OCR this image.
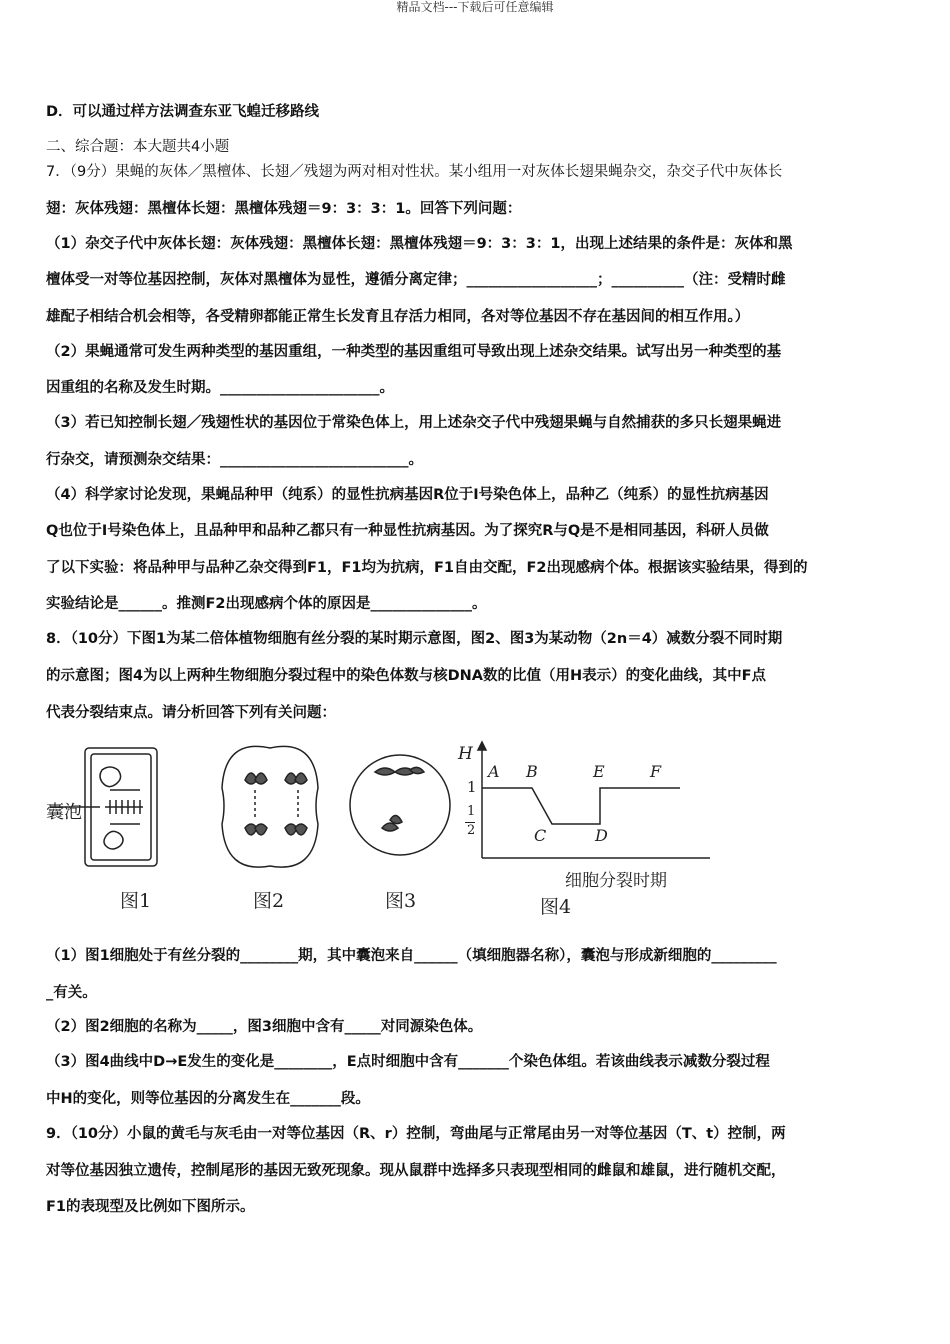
精品文档---下载后可任意编辑
D．可以通过样方法调查东亚飞蝗迁移路线
二、综合题：本大题共4小题
7．（9分）果蝇的灰体／黑檀体、长翅／残翅为两对相对性状。某小组用一对灰体长翅果蝇杂交，杂交子代中灰体长
翅：灰体残翅：黑檀体长翅：黑檀体残翅＝9：3：3：1。回答下列问题：
（1）杂交子代中灰体长翅：灰体残翅：黑檀体长翅：黑檀体残翅＝9：3：3：1，出现上述结果的条件是：灰体和黑
檀体受一对等位基因控制，灰体对黑檀体为显性，遵循分离定律；__________________；__________（注：受精时雌
雄配子相结合机会相等，各受精卵都能正常生长发育且存活力相同，各对等位基因不存在基因间的相互作用。）
（2）果蝇通常可发生两种类型的基因重组，一种类型的基因重组可导致出现上述杂交结果。试写出另一种类型的基
因重组的名称及发生时期。______________________。
（3）若已知控制长翅／残翅性状的基因位于常染色体上，用上述杂交子代中残翅果蝇与自然捕获的多只长翅果蝇进
行杂交，请预测杂交结果：__________________________。
（4）科学家讨论发现，果蝇品种甲（纯系）的显性抗病基因R位于Ⅰ号染色体上，品种乙（纯系）的显性抗病基因
Q也位于Ⅰ号染色体上，且品种甲和品种乙都只有一种显性抗病基因。为了探究R与Q是不是相同基因，科研人员做
了以下实验：将品种甲与品种乙杂交得到F1，F1均为抗病，F1自由交配，F2出现感病个体。根据该实验结果，得到的
实验结论是______。推测F2出现感病个体的原因是______________。
8．（10分）下图1为某二倍体植物细胞有丝分裂的某时期示意图，图2、图3为某动物（2n＝4）减数分裂不同时期
的示意图；图4为以上两种生物细胞分裂过程中的染色体数与核DNA数的比值（用H表示）的变化曲线，其中F点
代表分裂结束点。请分析回答下列有关问题：
囊泡
图1	图2	图3	图4
H
细胞分裂时期
1
1
2
A B
C	D
E	F
（1）图1细胞处于有丝分裂的________期，其中囊泡来自______（填细胞器名称），囊泡与形成新细胞的_________
_有关。
（2）图2细胞的名称为_____，图3细胞中含有_____对同源染色体。
（3）图4曲线中D→E发生的变化是________，E点时细胞中含有_______个染色体组。若该曲线表示减数分裂过程
中H的变化，则等位基因的分离发生在_______段。
9．（10分）小鼠的黄毛与灰毛由一对等位基因（R、r）控制，弯曲尾与正常尾由另一对等位基因（T、t）控制，两
对等位基因独立遗传，控制尾形的基因无致死现象。现从鼠群中选择多只表现型相同的雌鼠和雄鼠，进行随机交配，
F1的表现型及比例如下图所示。
